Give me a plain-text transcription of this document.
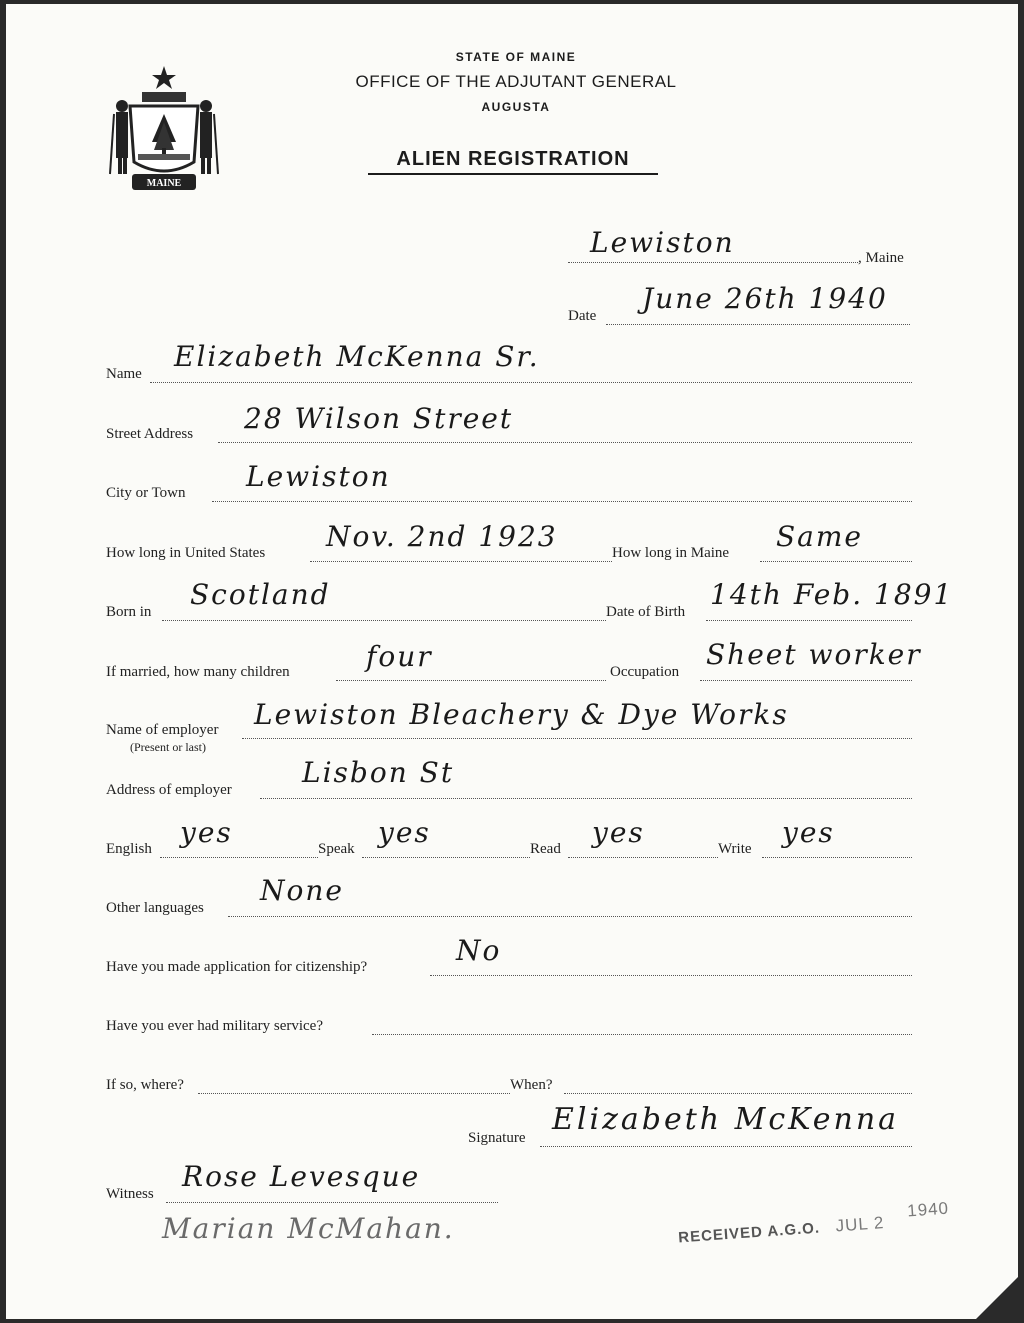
MAINE
STATE OF MAINE
OFFICE OF THE ADJUTANT GENERAL
AUGUSTA
ALIEN REGISTRATION
Lewiston	, Maine
Date
June 26th 1940
Name
Elizabeth McKenna Sr.
Street Address 28 Wilson Street
City or Town Lewiston
How long in United States Nov. 2nd 1923	How long in Maine Same
Born in
Scotland
Date of Birth
14th Feb. 1891
If married, how many children	four	Occupation
Sheet worker
Name of employer
(Present or last)
Lewiston Bleachery & Dye Works
Address of employer
Lisbon St
English yes	Speak yes	Read yes	Write yes
Other languages
None
Have you made application for citizenship?	No
Have you ever had military service?
If so, where?	When?
Signature
Elizabeth McKenna
Witness
Rose Levesque
Marian McMahan.	RECEIVED A.G.O. JUL 2 1940
